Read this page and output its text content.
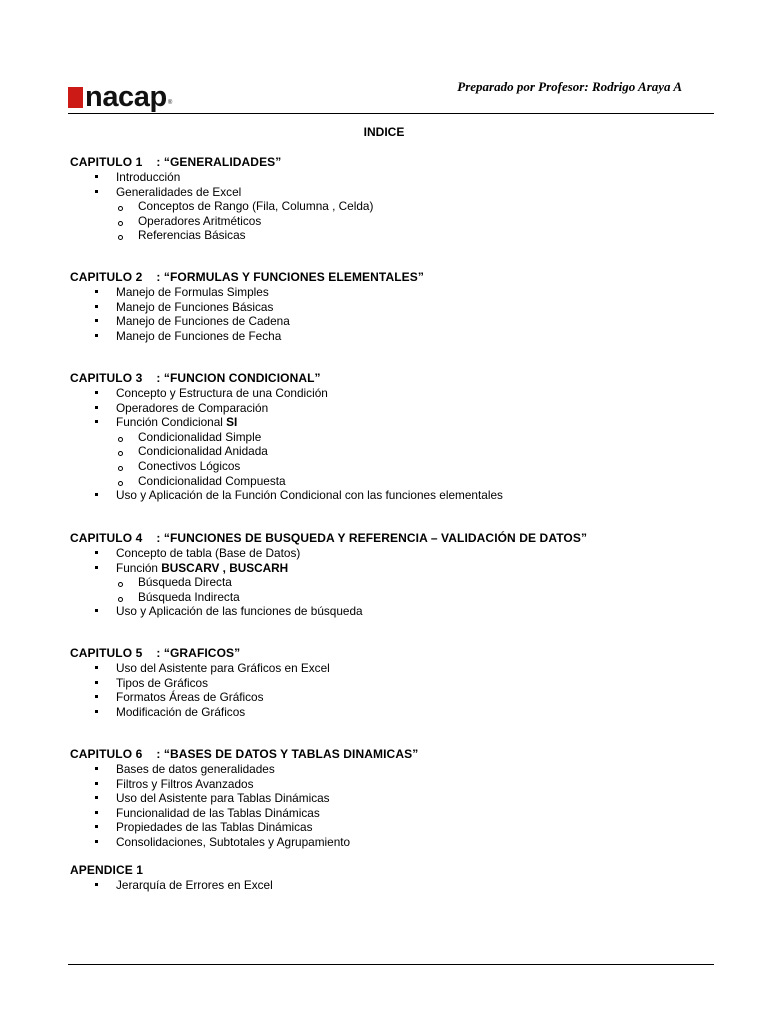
nacap ®
Preparado por Profesor: Rodrigo Araya A
INDICE
CAPITULO 1 : “GENERALIDADES”
Introducción
Generalidades de Excel
Conceptos de Rango (Fila, Columna , Celda)
Operadores Aritméticos
Referencias Básicas
CAPITULO 2 : “FORMULAS Y FUNCIONES ELEMENTALES”
Manejo de Formulas Simples
Manejo de Funciones Básicas
Manejo de Funciones de Cadena
Manejo de Funciones de Fecha
CAPITULO 3 : “FUNCION CONDICIONAL”
Concepto y Estructura de una Condición
Operadores de Comparación
Función Condicional SI
Condicionalidad Simple
Condicionalidad Anidada
Conectivos Lógicos
Condicionalidad Compuesta
Uso y Aplicación de la Función Condicional con las funciones elementales
CAPITULO 4 : “FUNCIONES DE BUSQUEDA Y REFERENCIA – VALIDACIÓN DE DATOS”
Concepto de tabla (Base de Datos)
Función BUSCARV , BUSCARH
Búsqueda Directa
Búsqueda Indirecta
Uso y Aplicación de las funciones de búsqueda
CAPITULO 5 : “GRAFICOS”
Uso del Asistente para Gráficos en Excel
Tipos de Gráficos
Formatos Áreas de Gráficos
Modificación de Gráficos
CAPITULO 6 : “BASES DE DATOS Y TABLAS DINAMICAS”
Bases de datos generalidades
Filtros y Filtros Avanzados
Uso del Asistente para Tablas Dinámicas
Funcionalidad de las Tablas Dinámicas
Propiedades de las Tablas Dinámicas
Consolidaciones, Subtotales y Agrupamiento
APENDICE 1
Jerarquía de Errores en Excel
